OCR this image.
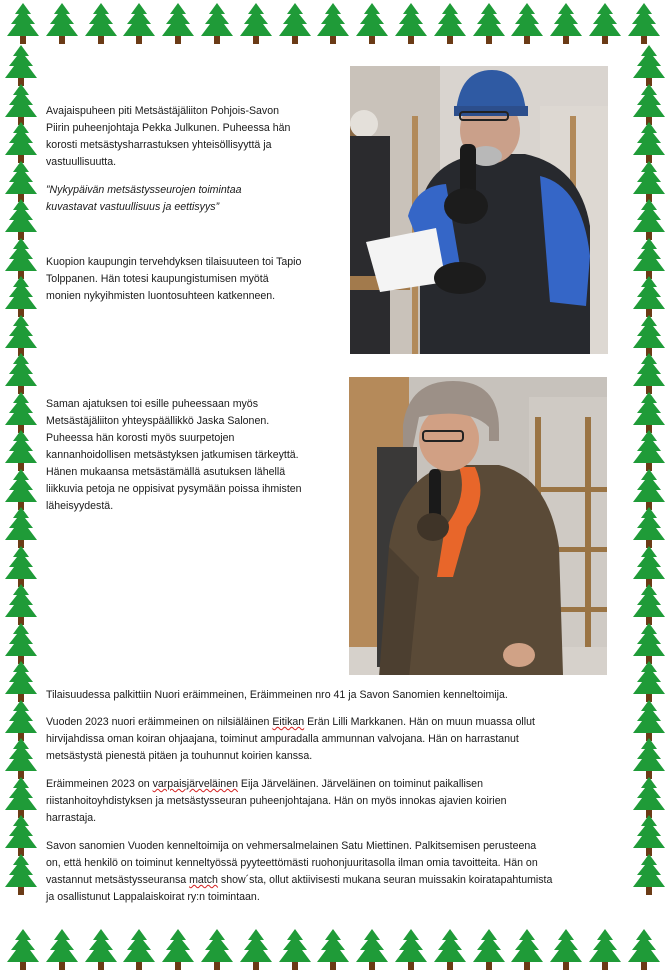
Avajaispuheen piti Metsästäjäliiton Pohjois-Savon
Piirin puheenjohtaja Pekka Julkunen. Puheessa hän
korosti metsästysharrastuksen yhteisöllisyyttä ja
vastuullisuutta.

”Nykypäivän metsästysseurojen toimintaa
kuvastavat vastuullisuus ja eettisyys”

Kuopion kaupungin tervehdyksen tilaisuuteen toi Tapio
Tolppanen. Hän totesi kaupungistumisen myötä
monien nykyihmisten luontosuhteen katkenneen.

Saman ajatuksen toi esille puheessaan myös
Metsästäjäliiton yhteyspäällikkö Jaska Salonen.
Puheessa hän korosti myös suurpetojen
kannanhoidollisen metsästyksen jatkumisen tärkeyttä.
Hänen mukaansa metsästämällä asutuksen lähellä
liikkuvia petoja ne oppisivat pysymään poissa ihmisten
läheisyydestä.

Tilaisuudessa palkittiin Nuori eräimmeinen, Eräimmeinen nro 41 ja Savon Sanomien kenneltoimija.

Vuoden 2023 nuori eräimmeinen on nilsiäläinen Eitikan Erän Lilli Markkanen. Hän on muun muassa ollut
hirvijahdissa oman koiran ohjaajana, toiminut ampuradalla ammunnan valvojana. Hän on harrastanut
metsästystä pienestä pitäen ja touhunnut koirien kanssa.

Eräimmeinen 2023 on varpaisjärveläinen Eija Järveläinen. Järveläinen on toiminut paikallisen
riistanhoitoyhdistyksen ja metsästysseuran puheenjohtajana. Hän on myös innokas ajavien koirien
harrastaja.

Savon sanomien Vuoden kenneltoimija on vehmersalmelainen Satu Miettinen. Palkitsemisen perusteena
on, että henkilö on toiminut kenneltyössä pyyteettömästi ruohonjuuritasolla ilman omia tavoitteita. Hän on
vastannut metsästysseuransa match show´sta, ollut aktiivisesti mukana seuran muissakin koiratapahtumista
ja osallistunut Lappalaiskoirat ry:n toimintaan.
